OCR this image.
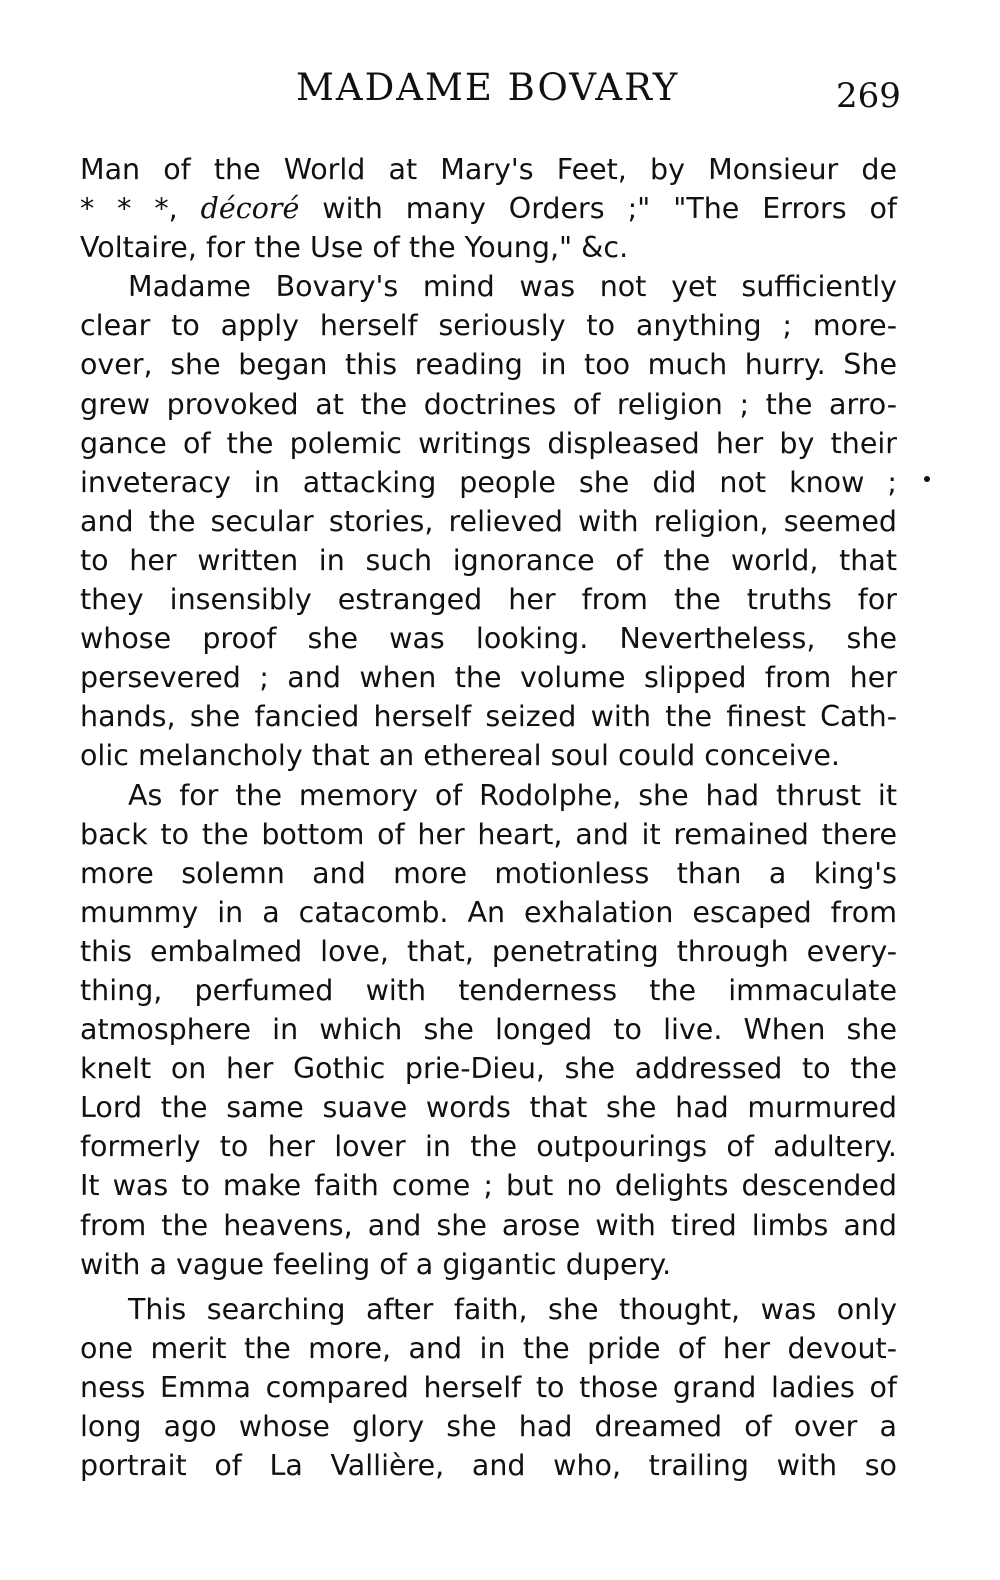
MADAME BOVARY	269
Man of the World at Mary's Feet, by Monsieur de
* * *, décoré with many Orders ;" "The Errors of
Voltaire, for the Use of the Young," &c.
Madame Bovary's mind was not yet sufficiently
clear to apply herself seriously to anything ; more-
over, she began this reading in too much hurry. She
grew provoked at the doctrines of religion ; the arro-
gance of the polemic writings displeased her by their
inveteracy in attacking people she did not know ;
and the secular stories, relieved with religion, seemed
to her written in such ignorance of the world, that
they insensibly estranged her from the truths for
whose proof she was looking. Nevertheless, she
persevered ; and when the volume slipped from her
hands, she fancied herself seized with the finest Cath-
olic melancholy that an ethereal soul could conceive.
As for the memory of Rodolphe, she had thrust it
back to the bottom of her heart, and it remained there
more solemn and more motionless than a king's
mummy in a catacomb. An exhalation escaped from
this embalmed love, that, penetrating through every-
thing, perfumed with tenderness the immaculate
atmosphere in which she longed to live. When she
knelt on her Gothic prie-Dieu, she addressed to the
Lord the same suave words that she had murmured
formerly to her lover in the outpourings of adultery.
It was to make faith come ; but no delights descended
from the heavens, and she arose with tired limbs and
with a vague feeling of a gigantic dupery.
This searching after faith, she thought, was only
one merit the more, and in the pride of her devout-
ness Emma compared herself to those grand ladies of
long ago whose glory she had dreamed of over a
portrait of La Vallière, and who, trailing with so
